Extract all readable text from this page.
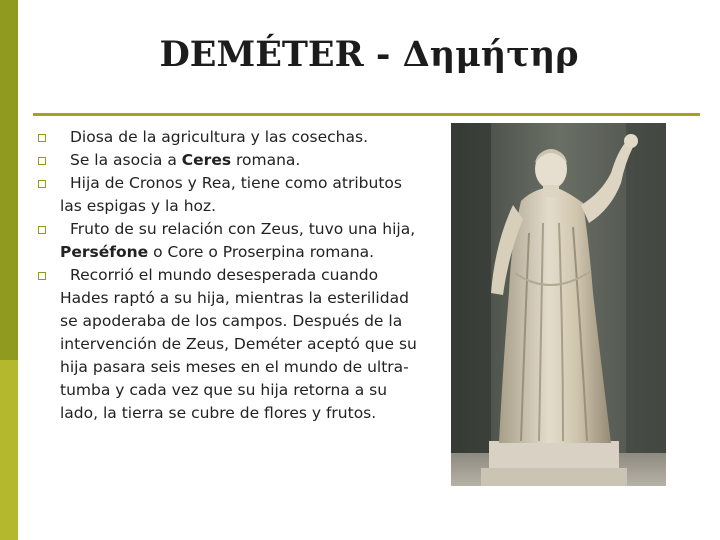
DEMÉTER - Δημήτηρ
Diosa de la agricultura y las cosechas.
Se la asocia a Ceres romana.
Hija de Cronos y Rea, tiene como atributos
las espigas y la hoz.
Fruto de su relación con Zeus, tuvo una hija,
Perséfone o Core o Proserpina romana.
Recorrió el mundo desesperada cuando
Hades raptó a su hija, mientras la esterilidad
se apoderaba de los campos. Después de la
intervención de Zeus, Deméter aceptó que su
hija pasara seis meses en el mundo de ultra-
tumba y cada vez que su hija retorna a su
lado, la tierra se cubre de flores y frutos.
